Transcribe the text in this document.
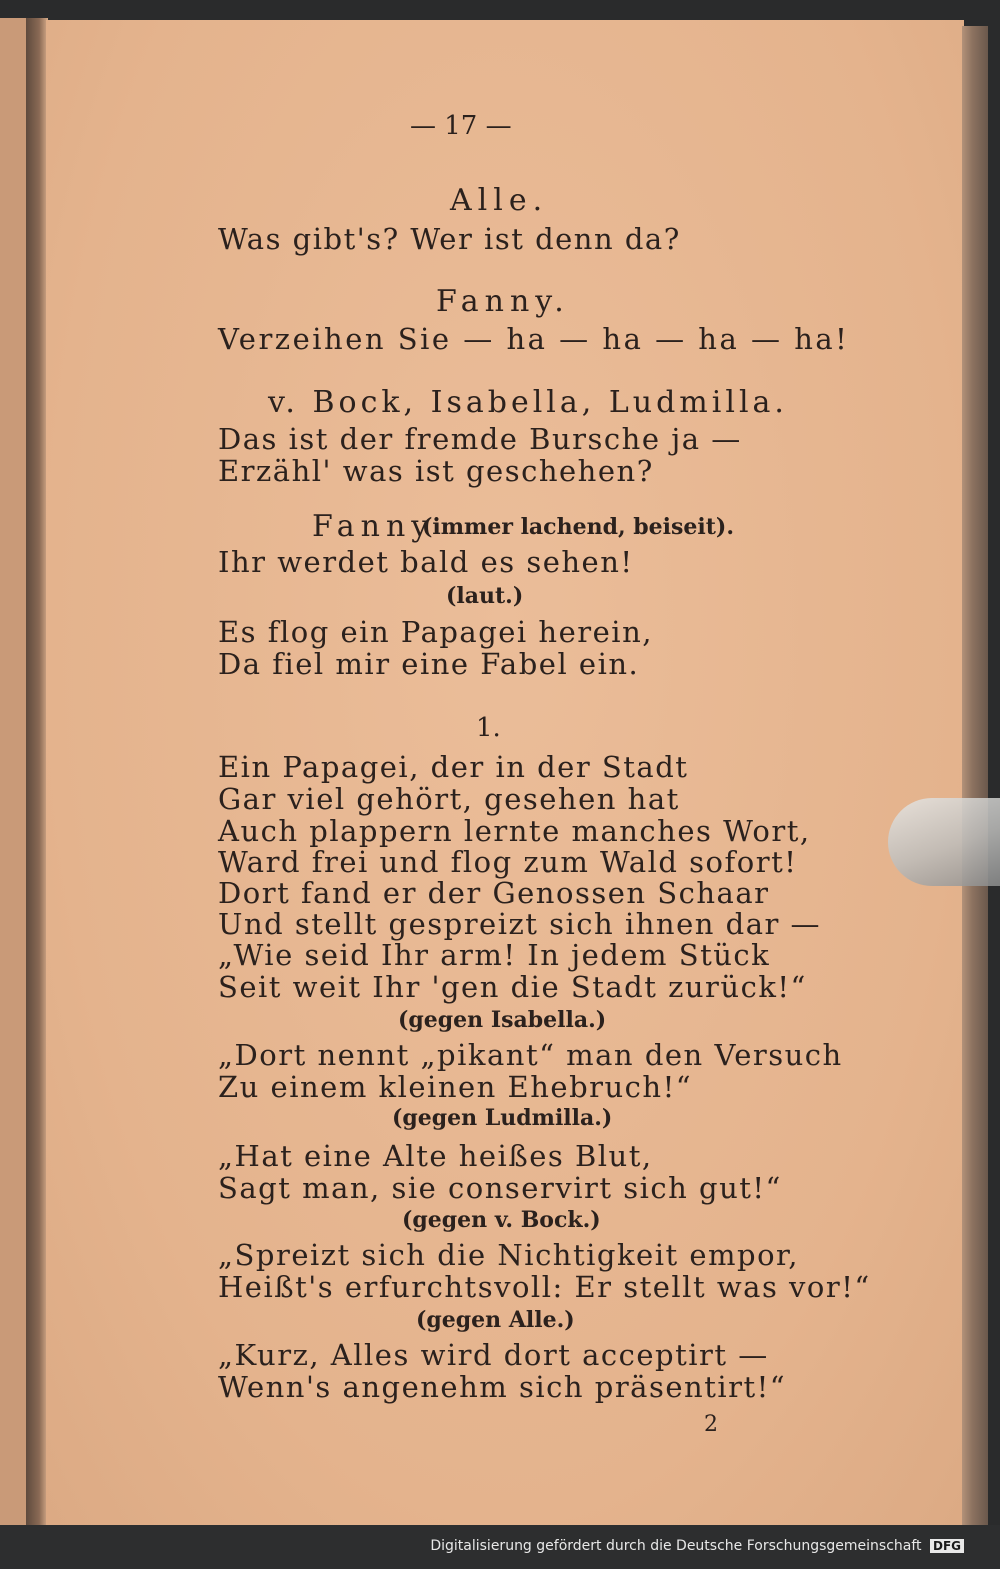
— 17 —
Alle.
Was gibt's? Wer ist denn da?
Fanny.
Verzeihen Sie — ha — ha — ha — ha!
v. Bock, Isabella, Ludmilla.
Das ist der fremde Bursche ja —
Erzähl' was ist geschehen?
Fanny
(immer lachend, beiseit).
Ihr werdet bald es sehen!
(laut.)
Es flog ein Papagei herein,
Da fiel mir eine Fabel ein.
1.
Ein Papagei, der in der Stadt
Gar viel gehört, gesehen hat
Auch plappern lernte manches Wort,
Ward frei und flog zum Wald sofort!
Dort fand er der Genossen Schaar
Und stellt gespreizt sich ihnen dar —
„Wie seid Ihr arm! In jedem Stück
Seit weit Ihr 'gen die Stadt zurück!“
(gegen Isabella.)
„Dort nennt „pikant“ man den Versuch
Zu einem kleinen Ehebruch!“
(gegen Ludmilla.)
„Hat eine Alte heißes Blut,
Sagt man, sie conservirt sich gut!“
(gegen v. Bock.)
„Spreizt sich die Nichtigkeit empor,
Heißt's erfurchtsvoll: Er stellt was vor!“
(gegen Alle.)
„Kurz, Alles wird dort acceptirt —
Wenn's angenehm sich präsentirt!“
2
Digitalisierung gefördert durch die Deutsche Forschungsgemeinschaft DFG
